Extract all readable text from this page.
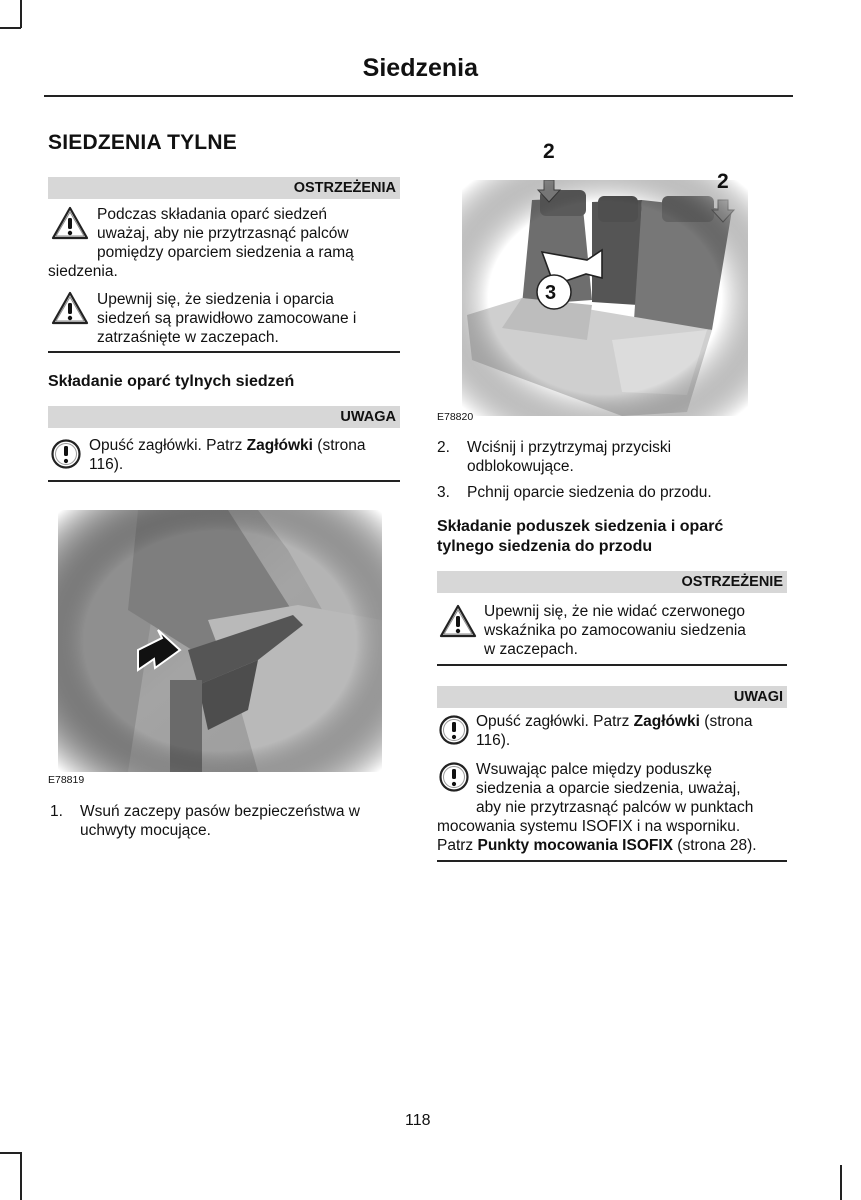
Siedzenia
SIEDZENIA TYLNE
OSTRZEŻENIA
Podczas składania oparć siedzeń
uważaj, aby nie przytrzasnąć palców
pomiędzy oparciem siedzenia a ramą
siedzenia.
Upewnij się, że siedzenia i oparcia
siedzeń są prawidłowo zamocowane i
zatrzaśnięte w zaczepach.
Składanie oparć tylnych siedzeń
UWAGA
Opuść zagłówki. Patrz Zagłówki (strona
116).
E78819
1. Wsuń zaczepy pasów bezpieczeństwa w
uchwyty mocujące.
2
2
3
E78820
2. Wciśnij i przytrzymaj przyciski
odblokowujące.
3. Pchnij oparcie siedzenia do przodu.
Składanie poduszek siedzenia i oparć
tylnego siedzenia do przodu
OSTRZEŻENIE
Upewnij się, że nie widać czerwonego
wskaźnika po zamocowaniu siedzenia
w zaczepach.
UWAGI
Opuść zagłówki. Patrz Zagłówki (strona
116).
Wsuwając palce między poduszkę
siedzenia a oparcie siedzenia, uważaj,
aby nie przytrzasnąć palców w punktach
mocowania systemu ISOFIX i na wsporniku.
Patrz Punkty mocowania ISOFIX (strona 28).
118
